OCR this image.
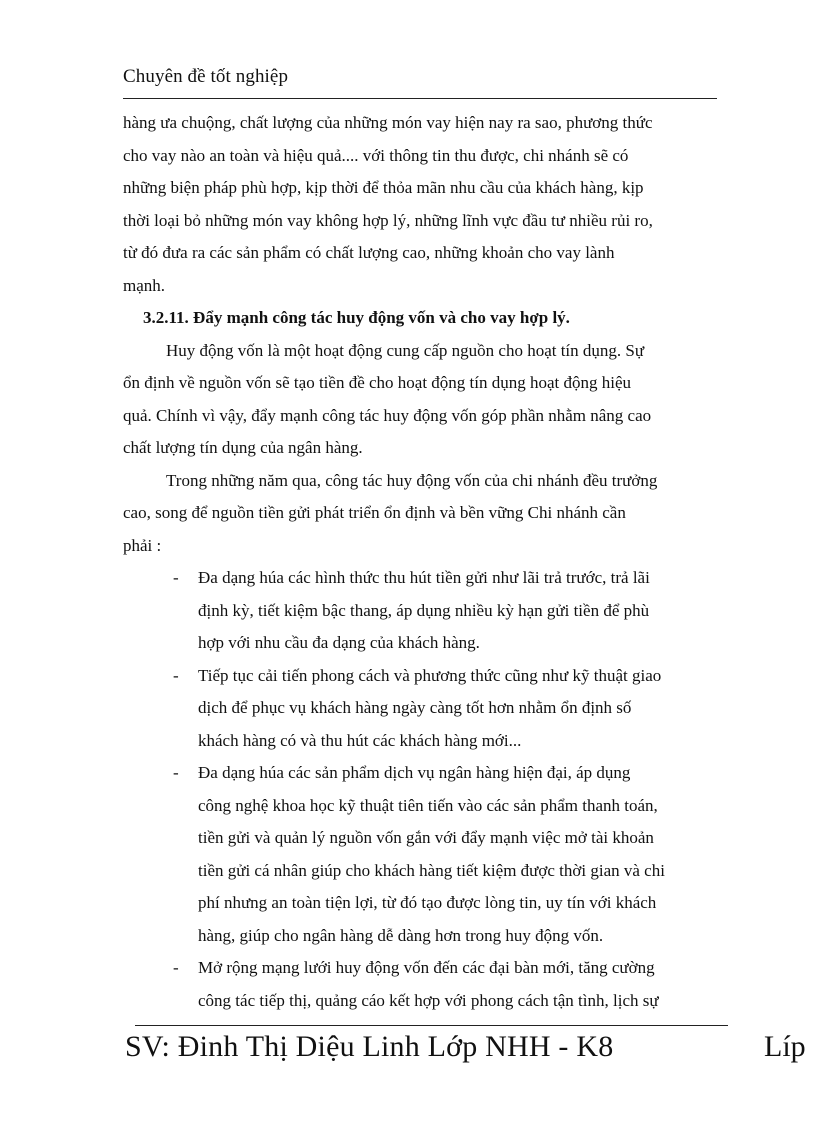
Chuyên đề tốt nghiệp
hàng ưa chuộng, chất lượng của những món vay hiện nay ra sao, phương thức
cho vay nào an toàn và hiệu quả.... với thông tin thu được, chi nhánh sẽ có
những biện pháp phù hợp, kịp thời để thỏa mãn nhu cầu của khách hàng, kịp
thời loại bỏ những món vay không hợp lý, những lĩnh vực đầu tư nhiều rủi ro,
từ đó đưa ra các sản phẩm có chất lượng cao, những khoản cho vay lành
mạnh.
3.2.11. Đẩy mạnh công tác huy động vốn và cho vay hợp lý.
Huy động vốn là một hoạt động cung cấp nguồn cho hoạt tín dụng. Sự
ổn định về nguồn vốn sẽ tạo tiền đề cho hoạt động tín dụng hoạt động hiệu
quả. Chính vì vậy, đẩy mạnh công tác huy động vốn góp phần nhằm nâng cao
chất lượng tín dụng của ngân hàng.
Trong những năm qua, công tác huy động vốn của chi nhánh đều trưởng
cao, song để nguồn tiền gửi phát triển ổn định và bền vững Chi nhánh cần
phải :
- Đa dạng húa các hình thức thu hút tiền gửi như lãi trả trước, trả lãi
định kỳ, tiết kiệm bậc thang, áp dụng nhiều kỳ hạn gửi tiền để phù
hợp với nhu cầu đa dạng của khách hàng.
- Tiếp tục cải tiến phong cách và phương thức cũng như kỹ thuật giao
dịch để phục vụ khách hàng ngày càng tốt hơn nhằm ổn định số
khách hàng có và thu hút các khách hàng mới...
- Đa dạng húa các sản phẩm dịch vụ ngân hàng hiện đại, áp dụng
công nghệ khoa học kỹ thuật tiên tiến vào các sản phẩm thanh toán,
tiền gửi và quản lý nguồn vốn gắn với đẩy mạnh việc mở tài khoản
tiền gửi cá nhân giúp cho khách hàng tiết kiệm được thời gian và chi
phí nhưng an toàn tiện lợi, từ đó tạo được lòng tin, uy tín với khách
hàng, giúp cho ngân hàng dễ dàng hơn trong huy động vốn.
- Mở rộng mạng lưới huy động vốn đến các đại bàn mới, tăng cường
công tác tiếp thị, quảng cáo kết hợp với phong cách tận tình, lịch sự
SV: Đinh Thị Diệu Linh Lớp NHH - K8	Líp
